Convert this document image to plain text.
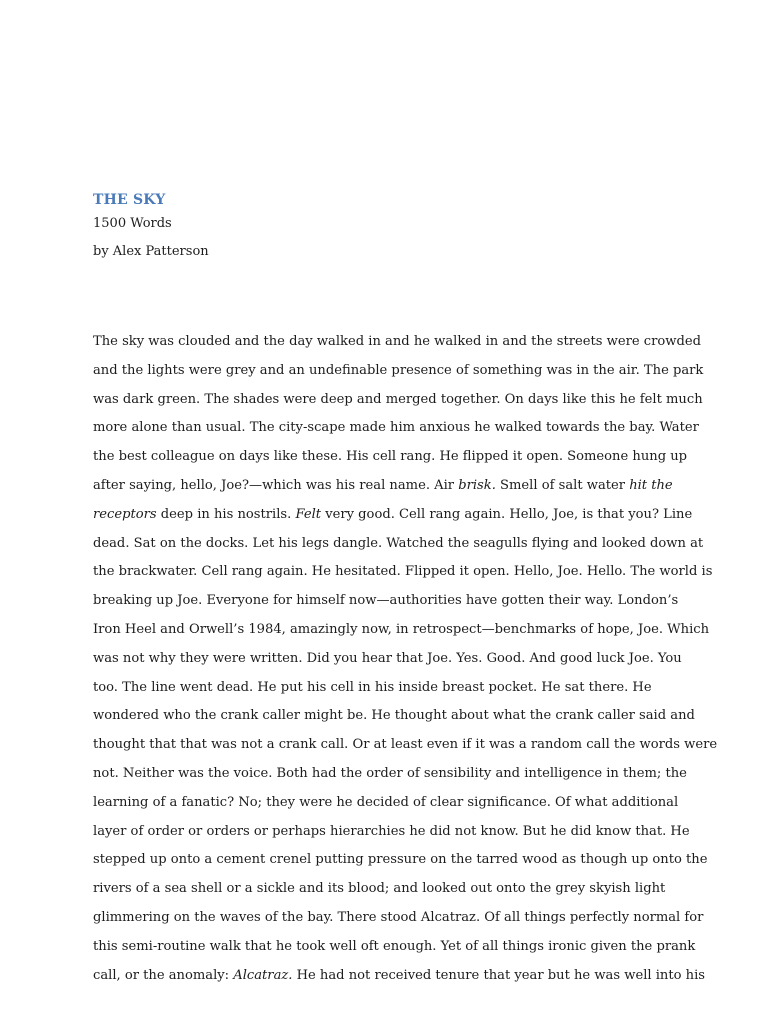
THE SKY

1500 Words

by Alex Patterson

The sky was clouded and the day walked in and he walked in and the streets were crowded
and the lights were grey and an undefinable presence of something was in the air. The park
was dark green. The shades were deep and merged together. On days like this he felt much
more alone than usual. The city-scape made him anxious he walked towards the bay. Water
the best colleague on days like these. His cell rang. He flipped it open. Someone hung up
after saying, hello, Joe?—which was his real name. Air brisk. Smell of salt water hit the
receptors deep in his nostrils. Felt very good. Cell rang again. Hello, Joe, is that you? Line
dead. Sat on the docks. Let his legs dangle. Watched the seagulls flying and looked down at
the brackwater. Cell rang again. He hesitated. Flipped it open. Hello, Joe. Hello. The world is
breaking up Joe. Everyone for himself now—authorities have gotten their way. London’s
Iron Heel and Orwell’s 1984, amazingly now, in retrospect—benchmarks of hope, Joe. Which
was not why they were written. Did you hear that Joe. Yes. Good. And good luck Joe. You
too. The line went dead. He put his cell in his inside breast pocket. He sat there. He
wondered who the crank caller might be. He thought about what the crank caller said and
thought that that was not a crank call. Or at least even if it was a random call the words were
not. Neither was the voice. Both had the order of sensibility and intelligence in them; the
learning of a fanatic? No; they were he decided of clear significance. Of what additional
layer of order or orders or perhaps hierarchies he did not know. But he did know that. He
stepped up onto a cement crenel putting pressure on the tarred wood as though up onto the
rivers of a sea shell or a sickle and its blood; and looked out onto the grey skyish light
glimmering on the waves of the bay. There stood Alcatraz. Of all things perfectly normal for
this semi-routine walk that he took well oft enough. Yet of all things ironic given the prank
call, or the anomaly: Alcatraz. He had not received tenure that year but he was well into his
